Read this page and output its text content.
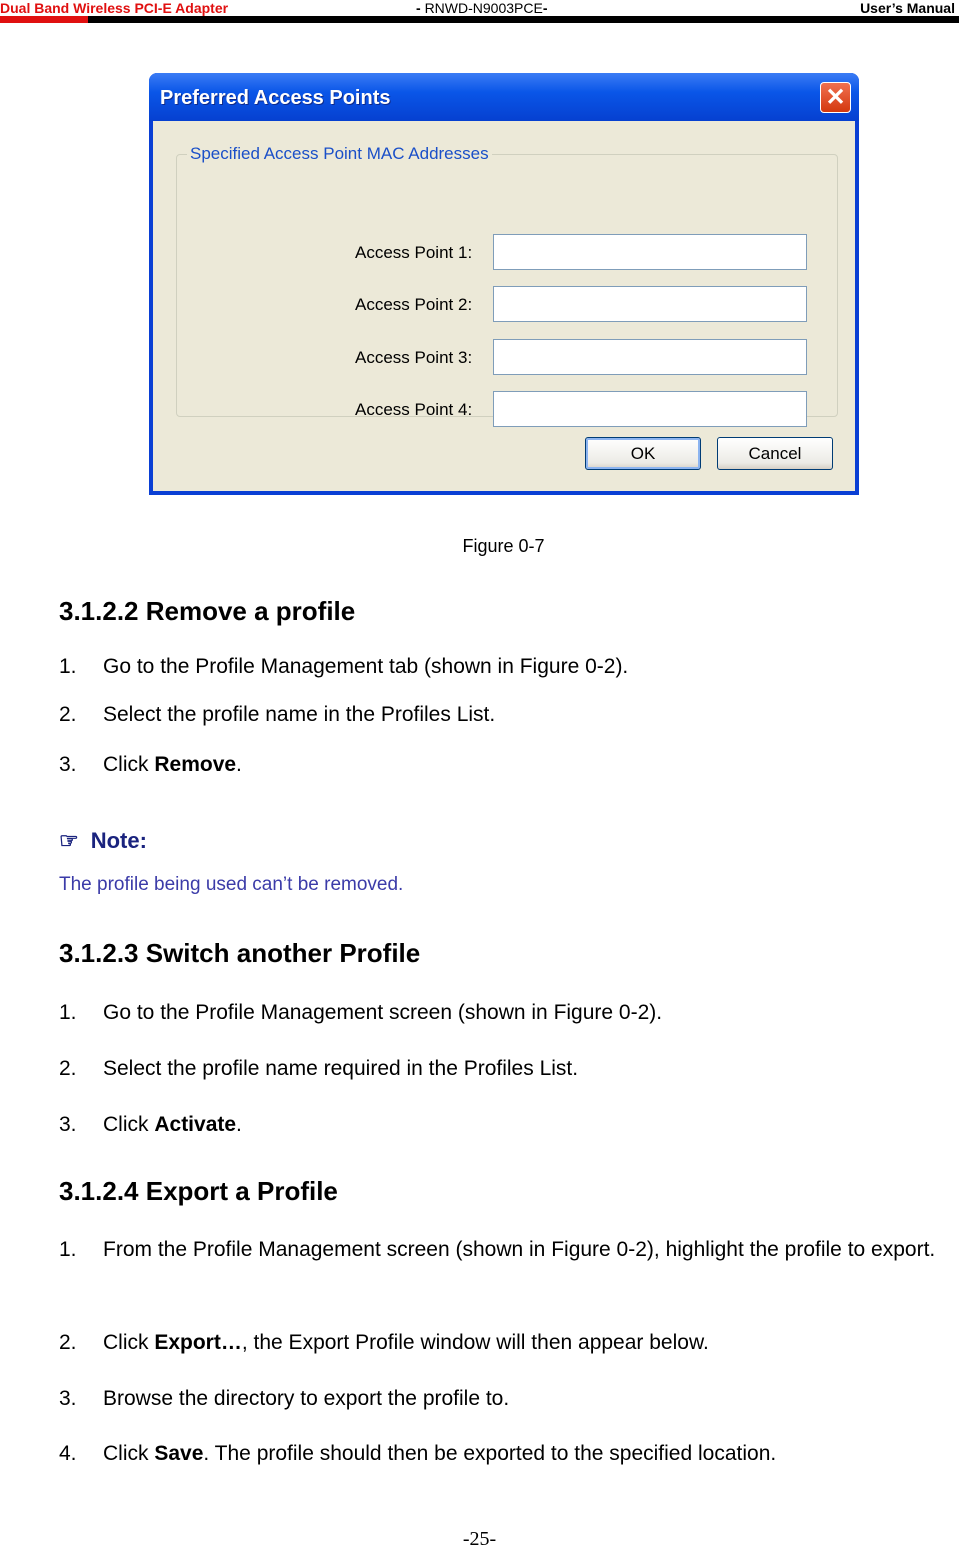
Dual Band Wireless PCI-E Adapter	- RNWD-N9003PCE-	User’s Manual
Preferred Access Points	✕
Specified Access Point MAC Addresses
Access Point 1:
Access Point 2:
Access Point 3:
Access Point 4:
OK	Cancel
Figure 0-7
3.1.2.2 Remove a profile
1. Go to the Profile Management tab (shown in Figure 0-2).
2. Select the profile name in the Profiles List.
3. Click Remove.
☞ Note:
The profile being used can’t be removed.
3.1.2.3 Switch another Profile
1. Go to the Profile Management screen (shown in Figure 0-2).
2. Select the profile name required in the Profiles List.
3. Click Activate.
3.1.2.4 Export a Profile
1. From the Profile Management screen (shown in Figure 0-2), highlight the profile to export.
2. Click Export…, the Export Profile window will then appear below.
3. Browse the directory to export the profile to.
4. Click Save. The profile should then be exported to the specified location.
-25-
